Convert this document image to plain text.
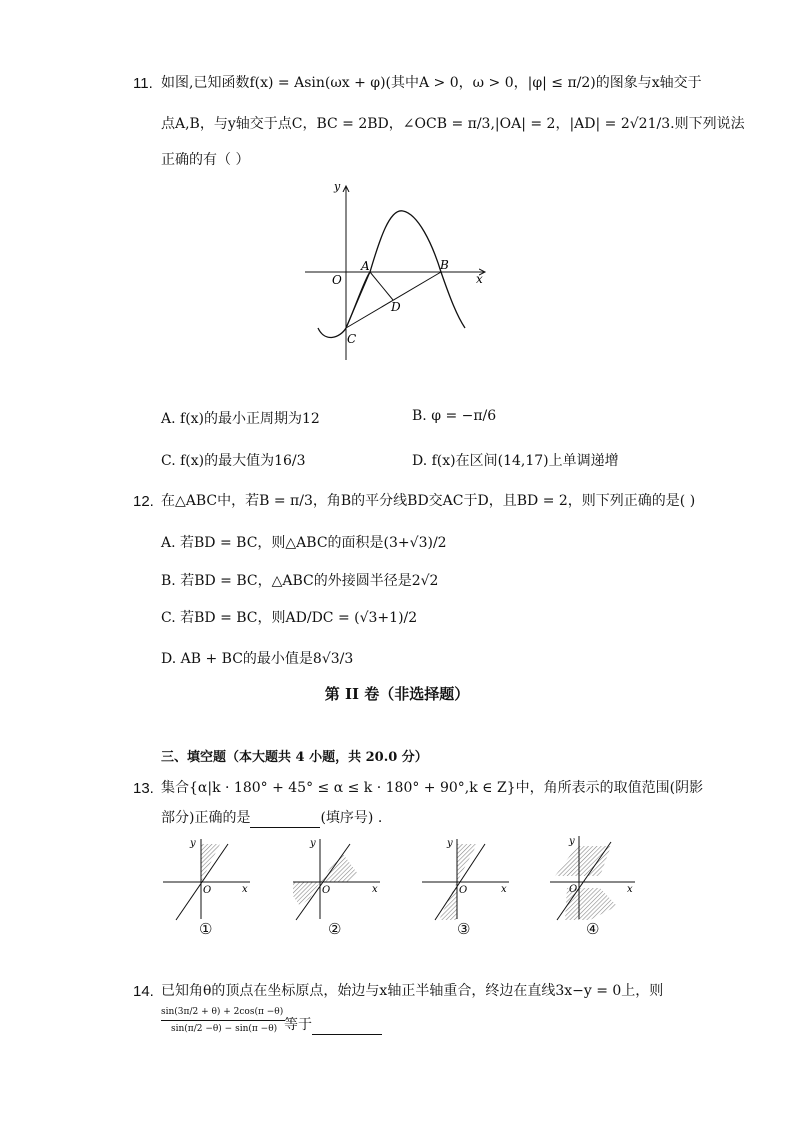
11. 如图,已知函数f(x) = Asin(ωx + φ)(其中A > 0，ω > 0，|φ| ≤ π/2)的图象与x轴交于
点A,B，与y轴交于点C，BC = 2BD，∠OCB = π/3,|OA| = 2，|AD| = 2√21/3.则下列说法
正确的有（ ）
y
x
O
A	B
C
D
A. f(x)的最小正周期为12	B. φ = −π/6
C. f(x)的最大值为16/3	D. f(x)在区间(14,17)上单调递增
12. 在△ABC中，若B = π/3，角B的平分线BD交AC于D，且BD = 2，则下列正确的是( )
A. 若BD = BC，则△ABC的面积是(3+√3)/2
B. 若BD = BC，△ABC的外接圆半径是2√2
C. 若BD = BC，则AD/DC = (√3+1)/2
D. AB + BC的最小值是8√3/3
第 II 卷（非选择题）
三、填空题（本大题共 4 小题，共 20.0 分）
13. 集合{α|k · 180° + 45° ≤ α ≤ k · 180° + 90°,k ∈ Z}中，角所表示的取值范围(阴影
部分)正确的是	(填序号) .
y
x
O
y
x
O
y
x
O
y
x
O
①	②	③	④
14. 已知角θ的顶点在坐标原点，始边与x轴正半轴重合，终边在直线3x−y = 0上，则
$\frac{\sin(3\pi/2 + \theta) + 2\cos(\pi -\theta)}{\sin(\pi/2 -\theta) - \sin(\pi -\theta)}$
等于
